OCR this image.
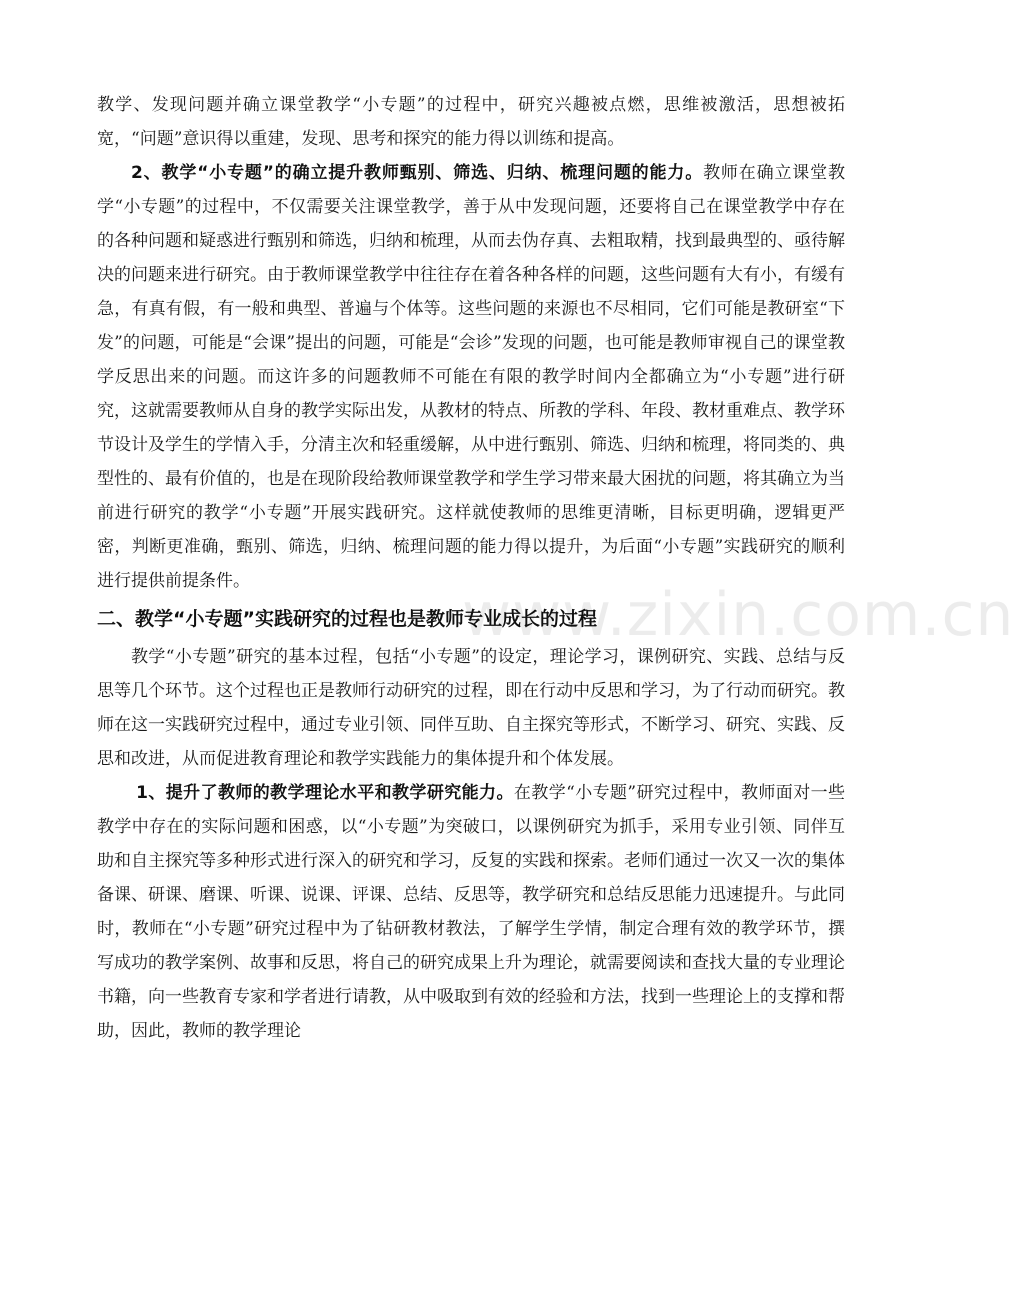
教学、发现问题并确立课堂教学“小专题”的过程中，研究兴趣被点燃，思维被激活，思想被拓宽，“问题”意识得以重建，发现、思考和探究的能力得以训练和提高。

2、教学“小专题”的确立提升教师甄别、筛选、归纳、梳理问题的能力。教师在确立课堂教学“小专题”的过程中，不仅需要关注课堂教学，善于从中发现问题，还要将自己在课堂教学中存在的各种问题和疑惑进行甄别和筛选，归纳和梳理，从而去伪存真、去粗取精，找到最典型的、亟待解决的问题来进行研究。由于教师课堂教学中往往存在着各种各样的问题，这些问题有大有小，有缓有急，有真有假，有一般和典型、普遍与个体等。这些问题的来源也不尽相同，它们可能是教研室“下发”的问题，可能是“会课”提出的问题，可能是“会诊”发现的问题，也可能是教师审视自己的课堂教学反思出来的问题。而这许多的问题教师不可能在有限的教学时间内全都确立为“小专题”进行研究，这就需要教师从自身的教学实际出发，从教材的特点、所教的学科、年段、教材重难点、教学环节设计及学生的学情入手，分清主次和轻重缓解，从中进行甄别、筛选、归纳和梳理，将同类的、典型性的、最有价值的，也是在现阶段给教师课堂教学和学生学习带来最大困扰的问题，将其确立为当前进行研究的教学“小专题”开展实践研究。这样就使教师的思维更清晰，目标更明确，逻辑更严密，判断更准确，甄别、筛选，归纳、梳理问题的能力得以提升，为后面“小专题”实践研究的顺利进行提供前提条件。

二、教学“小专题”实践研究的过程也是教师专业成长的过程

教学“小专题”研究的基本过程，包括“小专题”的设定，理论学习，课例研究、实践、总结与反思等几个环节。这个过程也正是教师行动研究的过程，即在行动中反思和学习，为了行动而研究。教师在这一实践研究过程中，通过专业引领、同伴互助、自主探究等形式，不断学习、研究、实践、反思和改进，从而促进教育理论和教学实践能力的集体提升和个体发展。

1、提升了教师的教学理论水平和教学研究能力。在教学“小专题”研究过程中，教师面对一些教学中存在的实际问题和困惑，以“小专题”为突破口，以课例研究为抓手，采用专业引领、同伴互助和自主探究等多种形式进行深入的研究和学习，反复的实践和探索。老师们通过一次又一次的集体备课、研课、磨课、听课、说课、评课、总结、反思等，教学研究和总结反思能力迅速提升。与此同时，教师在“小专题”研究过程中为了钻研教材教法，了解学生学情，制定合理有效的教学环节，撰写成功的教学案例、故事和反思，将自己的研究成果上升为理论，就需要阅读和查找大量的专业理论书籍，向一些教育专家和学者进行请教，从中吸取到有效的经验和方法，找到一些理论上的支撑和帮助，因此，教师的教学理论

www.zixin.com.cn
